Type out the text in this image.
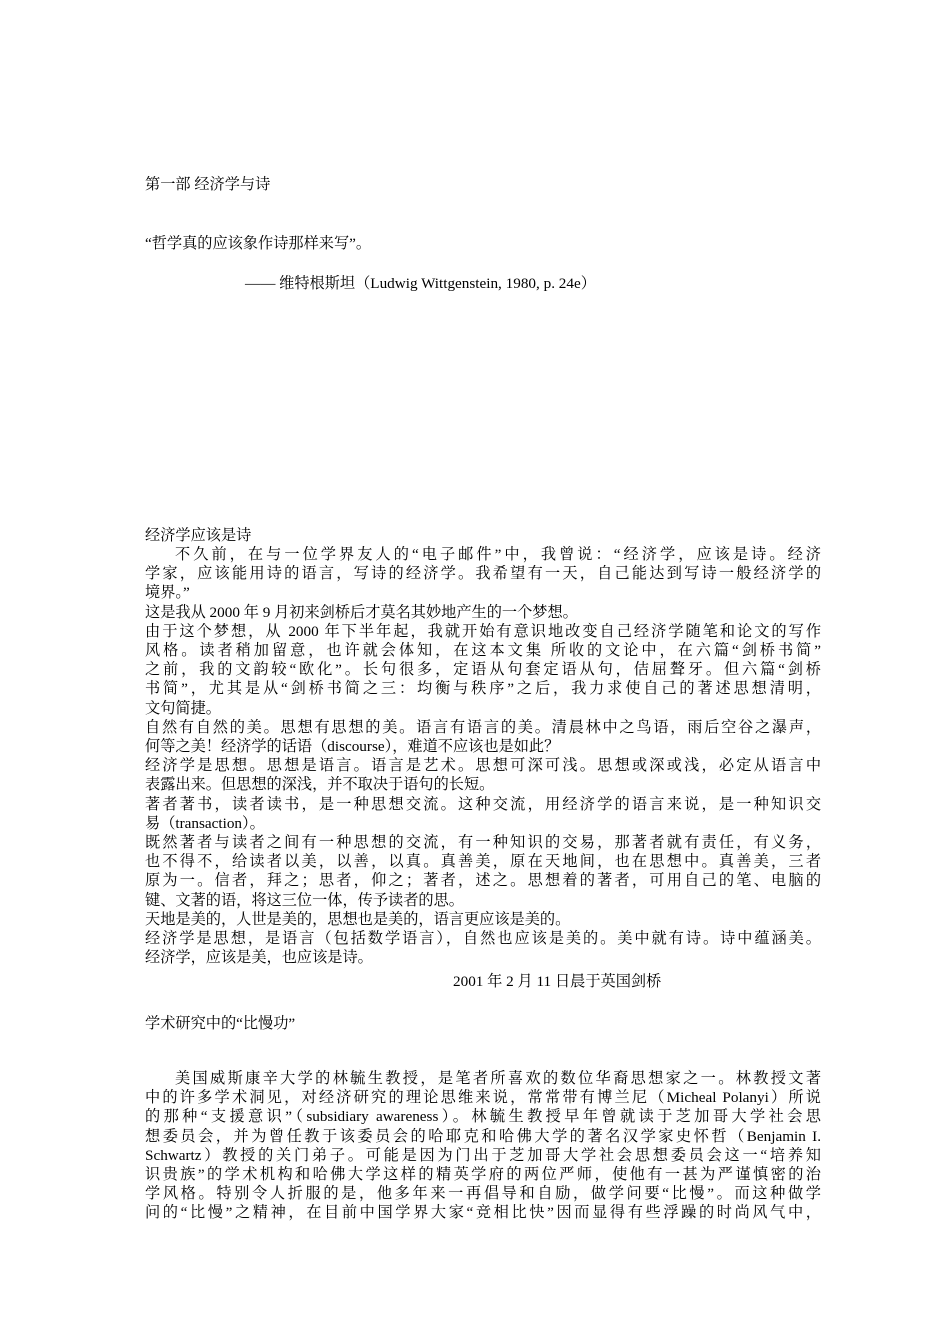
第一部 经济学与诗
“哲学真的应该象作诗那样来写”。
—— 维特根斯坦（Ludwig Wittgenstein, 1980, p. 24e）
经济学应该是诗
不久前，在与一位学界友人的“电子邮件”中，我曾说：“经济学，应该是诗。经济
学家，应该能用诗的语言，写诗的经济学。我希望有一天，自己能达到写诗一般经济学的
境界。”
这是我从 2000 年 9 月初来剑桥后才莫名其妙地产生的一个梦想。
由于这个梦想，从 2000 年下半年起，我就开始有意识地改变自己经济学随笔和论文的写作
风格。读者稍加留意，也许就会体知，在这本文集 所收的文论中，在六篇“剑桥书简”
之前，我的文韵较“欧化”。长句很多，定语从句套定语从句，佶屈聱牙。但六篇“剑桥
书简”，尤其是从“剑桥书简之三：均衡与秩序”之后，我力求使自己的著述思想清明，
文句简捷。
自然有自然的美。思想有思想的美。语言有语言的美。清晨林中之鸟语，雨后空谷之瀑声，
何等之美！经济学的话语（discourse），难道不应该也是如此？
经济学是思想。思想是语言。语言是艺术。思想可深可浅。思想或深或浅，必定从语言中
表露出来。但思想的深浅，并不取决于语句的长短。
著者著书，读者读书，是一种思想交流。这种交流，用经济学的语言来说，是一种知识交
易（transaction）。
既然著者与读者之间有一种思想的交流，有一种知识的交易，那著者就有责任，有义务，
也不得不，给读者以美，以善，以真。真善美，原在天地间，也在思想中。真善美，三者
原为一。信者，拜之；思者，仰之；著者，述之。思想着的著者，可用自己的笔、电脑的
键、文著的语，将这三位一体，传予读者的思。
天地是美的，人世是美的，思想也是美的，语言更应该是美的。
经济学是思想，是语言（包括数学语言），自然也应该是美的。美中就有诗。诗中蕴涵美。
经济学，应该是美，也应该是诗。
2001 年 2 月 11 日晨于英国剑桥
学术研究中的“比慢功”
美国威斯康辛大学的林毓生教授，是笔者所喜欢的数位华裔思想家之一。林教授文著
中的许多学术洞见，对经济研究的理论思维来说，常常带有博兰尼（Micheal Polanyi）所说
的那种“支援意识”（subsidiary awareness）。林毓生教授早年曾就读于芝加哥大学社会思
想委员会，并为曾任教于该委员会的哈耶克和哈佛大学的著名汉学家史怀哲（Benjamin I.
Schwartz）教授的关门弟子。可能是因为门出于芝加哥大学社会思想委员会这一“培养知
识贵族”的学术机构和哈佛大学这样的精英学府的两位严师，使他有一甚为严谨慎密的治
学风格。特别令人折服的是，他多年来一再倡导和自励，做学问要“比慢”。而这种做学
问的“比慢”之精神，在目前中国学界大家“竞相比快”因而显得有些浮躁的时尚风气中，
